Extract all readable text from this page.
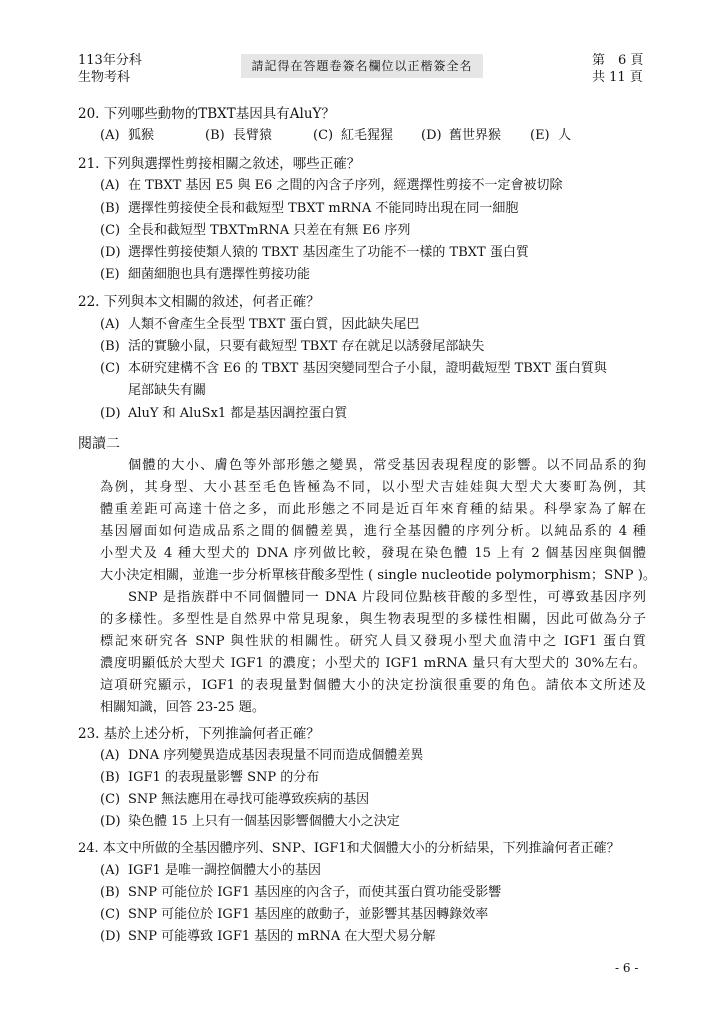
113年分科
生物考科
請記得在答題卷簽名欄位以正楷簽全名	第　6 頁
共 11 頁
20. 下列哪些動物的TBXT基因具有AluY？
(A) 狐猴	(B) 長臂猿	(C) 紅毛猩猩 (D) 舊世界猴 (E) 人
21. 下列與選擇性剪接相關之敘述，哪些正確？
(A) 在 TBXT 基因 E5 與 E6 之間的內含子序列，經選擇性剪接不一定會被切除
(B) 選擇性剪接使全長和截短型 TBXT mRNA 不能同時出現在同一細胞
(C) 全長和截短型 TBXTmRNA 只差在有無 E6 序列
(D) 選擇性剪接使類人猿的 TBXT 基因產生了功能不一樣的 TBXT 蛋白質
(E) 細菌細胞也具有選擇性剪接功能
22. 下列與本文相關的敘述，何者正確？
(A) 人類不會產生全長型 TBXT 蛋白質，因此缺失尾巴
(B) 活的實驗小鼠，只要有截短型 TBXT 存在就足以誘發尾部缺失
(C) 本研究建構不含 E6 的 TBXT 基因突變同型合子小鼠，證明截短型 TBXT 蛋白質與
尾部缺失有關
(D) AluY 和 AluSx1 都是基因調控蛋白質
閱讀二
個體的大小、膚色等外部形態之變異，常受基因表現程度的影響。以不同品系的狗
為例，其身型、大小甚至毛色皆極為不同，以小型犬吉娃娃與大型犬大麥町為例，其
體重差距可高達十倍之多，而此形態之不同是近百年來育種的結果。科學家為了解在
基因層面如何造成品系之間的個體差異，進行全基因體的序列分析。以純品系的 4 種
小型犬及 4 種大型犬的 DNA 序列做比較，發現在染色體 15 上有 2 個基因座與個體
大小決定相關，並進一步分析單核苷酸多型性 ( single nucleotide polymorphism；SNP )。
SNP 是指族群中不同個體同一 DNA 片段同位點核苷酸的多型性，可導致基因序列
的多樣性。多型性是自然界中常見現象，與生物表現型的多樣性相關，因此可做為分子
標記來研究各 SNP 與性狀的相關性。研究人員又發現小型犬血清中之 IGF1 蛋白質
濃度明顯低於大型犬 IGF1 的濃度；小型犬的 IGF1 mRNA 量只有大型犬的 30%左右。
這項研究顯示，IGF1 的表現量對個體大小的決定扮演很重要的角色。請依本文所述及
相關知識，回答 23-25 題。
23. 基於上述分析，下列推論何者正確？
(A) DNA 序列變異造成基因表現量不同而造成個體差異
(B) IGF1 的表現量影響 SNP 的分布
(C) SNP 無法應用在尋找可能導致疾病的基因
(D) 染色體 15 上只有一個基因影響個體大小之決定
24. 本文中所做的全基因體序列、SNP、IGF1和犬個體大小的分析結果，下列推論何者正確？
(A) IGF1 是唯一調控個體大小的基因
(B) SNP 可能位於 IGF1 基因座的內含子，而使其蛋白質功能受影響
(C) SNP 可能位於 IGF1 基因座的啟動子，並影響其基因轉錄效率
(D) SNP 可能導致 IGF1 基因的 mRNA 在大型犬易分解
- 6 -
